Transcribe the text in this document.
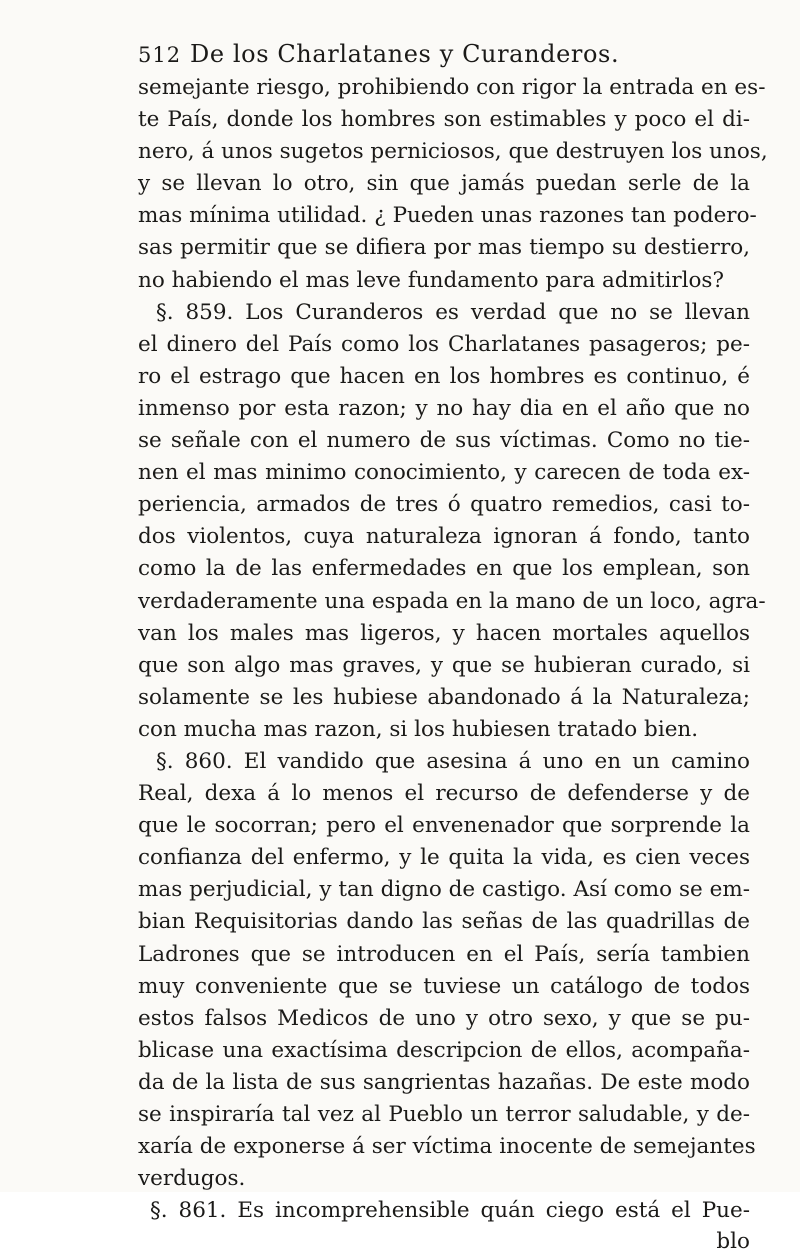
512 De los Charlatanes y Curanderos.
semejante riesgo, prohibiendo con rigor la entrada en es-
te País, donde los hombres son estimables y poco el di-
nero, á unos sugetos perniciosos, que destruyen los unos,
y se llevan lo otro, sin que jamás puedan serle de la
mas mínima utilidad. ¿ Pueden unas razones tan podero-
sas permitir que se difiera por mas tiempo su destierro,
no habiendo el mas leve fundamento para admitirlos?
§. 859. Los Curanderos es verdad que no se llevan
el dinero del País como los Charlatanes pasageros; pe-
ro el estrago que hacen en los hombres es continuo, é
inmenso por esta razon; y no hay dia en el año que no
se señale con el numero de sus víctimas. Como no tie-
nen el mas minimo conocimiento, y carecen de toda ex-
periencia, armados de tres ó quatro remedios, casi to-
dos violentos, cuya naturaleza ignoran á fondo, tanto
como la de las enfermedades en que los emplean, son
verdaderamente una espada en la mano de un loco, agra-
van los males mas ligeros, y hacen mortales aquellos
que son algo mas graves, y que se hubieran curado, si
solamente se les hubiese abandonado á la Naturaleza;
con mucha mas razon, si los hubiesen tratado bien.
§. 860. El vandido que asesina á uno en un camino
Real, dexa á lo menos el recurso de defenderse y de
que le socorran; pero el envenenador que sorprende la
confianza del enfermo, y le quita la vida, es cien veces
mas perjudicial, y tan digno de castigo. Así como se em-
bian Requisitorias dando las señas de las quadrillas de
Ladrones que se introducen en el País, sería tambien
muy conveniente que se tuviese un catálogo de todos
estos falsos Medicos de uno y otro sexo, y que se pu-
blicase una exactísima descripcion de ellos, acompaña-
da de la lista de sus sangrientas hazañas. De este modo
se inspiraría tal vez al Pueblo un terror saludable, y de-
xaría de exponerse á ser víctima inocente de semejantes
verdugos.
§. 861. Es incomprehensible quán ciego está el Pue-
blo
